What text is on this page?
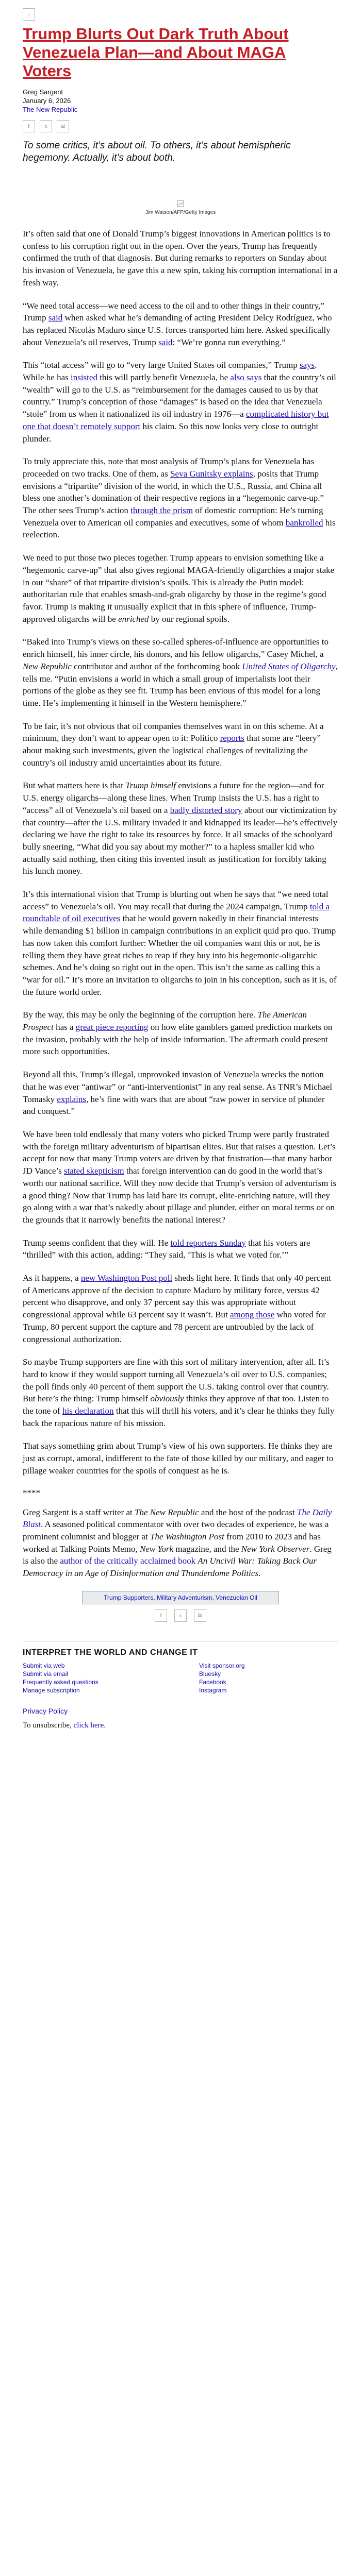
▫
Trump Blurts Out Dark Truth About Venezuela Plan—and About MAGA Voters
Greg Sargent
January 6, 2026
The New Republic
f	x	✉
To some critics, it’s about oil. To others, it’s about hemispheric hegemony. Actually, it’s about both.
Jim Watson/AFP/Getty Images

It’s often said that one of Donald Trump’s biggest innovations in American politics is to confess to his corruption right out in the open. Over the years, Trump has frequently confirmed the truth of that diagnosis. But during remarks to reporters on Sunday about his invasion of Venezuela, he gave this a new spin, taking his corruption international in a fresh way.

“We need total access—we need access to the oil and to other things in their country,” Trump said when asked what he’s demanding of acting President Delcy Rodríguez, who has replaced Nicolás Maduro since U.S. forces transported him here. Asked specifically about Venezuela’s oil reserves, Trump said: “We’re gonna run everything.”

This “total access” will go to “very large United States oil companies,” Trump says. While he has insisted this will partly benefit Venezuela, he also says that the country’s oil “wealth” will go to the U.S. as “reimbursement for the damages caused to us by that country.” Trump’s conception of those “damages” is based on the idea that Venezuela “stole” from us when it nationalized its oil industry in 1976—a complicated history but one that doesn’t remotely support his claim. So this now looks very close to outright plunder.

To truly appreciate this, note that most analysis of Trump’s plans for Venezuela has proceeded on two tracks. One of them, as Seva Gunitsky explains, posits that Trump envisions a “tripartite” division of the world, in which the U.S., Russia, and China all bless one another’s domination of their respective regions in a “hegemonic carve-up.” The other sees Trump’s action through the prism of domestic corruption: He’s turning Venezuela over to American oil companies and executives, some of whom bankrolled his reelection.

We need to put those two pieces together. Trump appears to envision something like a “hegemonic carve-up” that also gives regional MAGA-friendly oligarchies a major stake in our “share” of that tripartite division’s spoils. This is already the Putin model: authoritarian rule that enables smash-and-grab oligarchy by those in the regime’s good favor. Trump is making it unusually explicit that in this sphere of influence, Trump-approved oligarchs will be enriched by our regional spoils.

“Baked into Trump’s views on these so-called spheres-of-influence are opportunities to enrich himself, his inner circle, his donors, and his fellow oligarchs,” Casey Michel, a New Republic contributor and author of the forthcoming book United States of Oligarchy, tells me. “Putin envisions a world in which a small group of imperialists loot their portions of the globe as they see fit. Trump has been envious of this model for a long time. He’s implementing it himself in the Western hemisphere.”

To be fair, it’s not obvious that oil companies themselves want in on this scheme. At a minimum, they don’t want to appear open to it: Politico reports that some are “leery” about making such investments, given the logistical challenges of revitalizing the country’s oil industry amid uncertainties about its future.

But what matters here is that Trump himself envisions a future for the region—and for U.S. energy oligarchs—along these lines. When Trump insists the U.S. has a right to “access” all of Venezuela’s oil based on a badly distorted story about our victimization by that country—after the U.S. military invaded it and kidnapped its leader—he’s effectively declaring we have the right to take its resources by force. It all smacks of the schoolyard bully sneering, “What did you say about my mother?” to a hapless smaller kid who actually said nothing, then citing this invented insult as justification for forcibly taking his lunch money.

It’s this international vision that Trump is blurting out when he says that “we need total access” to Venezuela’s oil. You may recall that during the 2024 campaign, Trump told a roundtable of oil executives that he would govern nakedly in their financial interests while demanding $1 billion in campaign contributions in an explicit quid pro quo. Trump has now taken this comfort further: Whether the oil companies want this or not, he is telling them they have great riches to reap if they buy into his hegemonic-oligarchic schemes. And he’s doing so right out in the open. This isn’t the same as calling this a “war for oil.” It’s more an invitation to oligarchs to join in his conception, such as it is, of the future world order.

By the way, this may be only the beginning of the corruption here. The American Prospect has a great piece reporting on how elite gamblers gamed prediction markets on the invasion, probably with the help of inside information. The aftermath could present more such opportunities.

Beyond all this, Trump’s illegal, unprovoked invasion of Venezuela wrecks the notion that he was ever “antiwar” or “anti-interventionist” in any real sense. As TNR’s Michael Tomasky explains, he’s fine with wars that are about “raw power in service of plunder and conquest.”

We have been told endlessly that many voters who picked Trump were partly frustrated with the foreign military adventurism of bipartisan elites. But that raises a question. Let’s accept for now that many Trump voters are driven by that frustration—that many harbor JD Vance’s stated skepticism that foreign intervention can do good in the world that’s worth our national sacrifice. Will they now decide that Trump’s version of adventurism is a good thing? Now that Trump has laid bare its corrupt, elite-enriching nature, will they go along with a war that’s nakedly about pillage and plunder, either on moral terms or on the grounds that it narrowly benefits the national interest?

Trump seems confident that they will. He told reporters Sunday that his voters are “thrilled” with this action, adding: “They said, ‘This is what we voted for.’”

As it happens, a new Washington Post poll sheds light here. It finds that only 40 percent of Americans approve of the decision to capture Maduro by military force, versus 42 percent who disapprove, and only 37 percent say this was appropriate without congressional approval while 63 percent say it wasn’t. But among those who voted for Trump, 80 percent support the capture and 78 percent are untroubled by the lack of congressional authorization.

So maybe Trump supporters are fine with this sort of military intervention, after all. It’s hard to know if they would support turning all Venezuela’s oil over to U.S. companies; the poll finds only 40 percent of them support the U.S. taking control over that country. But here’s the thing: Trump himself obviously thinks they approve of that too. Listen to the tone of his declaration that this will thrill his voters, and it’s clear he thinks they fully back the rapacious nature of his mission.

That says something grim about Trump’s view of his own supporters. He thinks they are just as corrupt, amoral, indifferent to the fate of those killed by our military, and eager to pillage weaker countries for the spoils of conquest as he is.

****
Greg Sargent is a staff writer at The New Republic and the host of the podcast The Daily Blast. A seasoned political commentator with over two decades of experience, he was a prominent columnist and blogger at The Washington Post from 2010 to 2023 and has worked at Talking Points Memo, New York magazine, and the New York Observer. Greg is also the author of the critically acclaimed book An Uncivil War: Taking Back Our Democracy in an Age of Disinformation and Thunderdome Politics.
Trump Supporters, Military Adventurism, Venezuelan Oil
f	x	✉
INTERPRET THE WORLD AND CHANGE IT
Submit via web
Submit via email
Frequently asked questions
Manage subscription
Visit sponsor.org
Bluesky
Facebook
Instagram
Privacy Policy
To unsubscribe, click here.
